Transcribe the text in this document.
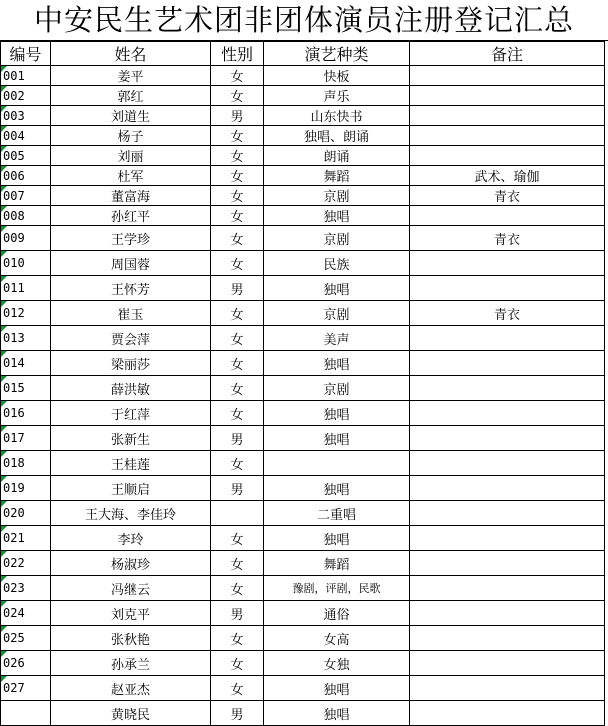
中安民生艺术团非团体演员注册登记汇总
编号	姓名	性别	演艺种类	备注
001	姜平	女	快板	
002	郭红	女	声乐	
003	刘道生	男	山东快书	
004	杨子	女	独唱、朗诵	
005	刘丽	女	朗诵	
006	杜军	女	舞蹈	武术、瑜伽
007	董富海	女	京剧	青衣
008	孙红平	女	独唱	
009	王学珍	女	京剧	青衣
010	周国蓉	女	民族	
011	王怀芳	男	独唱	
012	崔玉	女	京剧	青衣
013	贾会萍	女	美声	
014	梁丽莎	女	独唱	
015	薛洪敏	女	京剧	
016	于红萍	女	独唱	
017	张新生	男	独唱	
018	王桂莲	女		
019	王顺启	男	独唱	
020	王大海、李佳玲		二重唱	
021	李玲	女	独唱	
022	杨淑珍	女	舞蹈	
023	冯继云	女	豫剧，评剧，民歌	
024	刘克平	男	通俗	
025	张秋艳	女	女高	
026	孙承兰	女	女独	
027	赵亚杰	女	独唱	
	黄晓民	男	独唱	
